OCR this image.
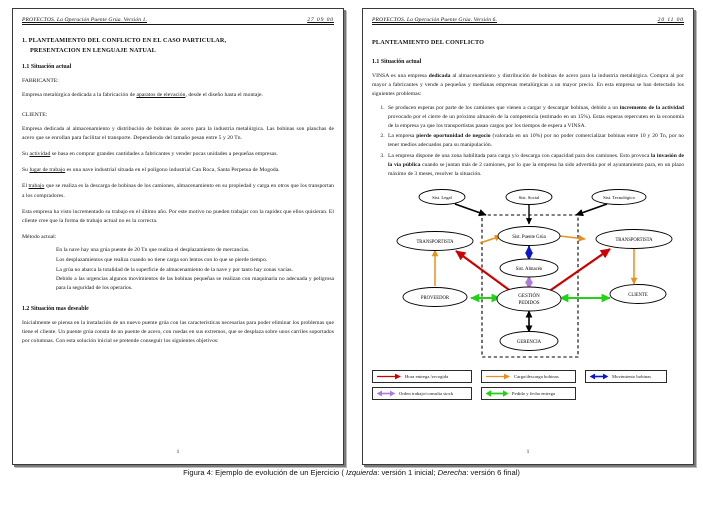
PROYECTOS. La Operación Puente Grúa. Versión 1.	27 09 00
1. PLANTEAMIENTO DEL CONFLICTO EN EL CASO PARTICULAR,
PRESENTACION EN LENGUAJE NATUAL
1.1 Situación actual
FABRICANTE:

Empresa metalúrgica dedicada a la fabricación de aparatos de elevación, desde el diseño hasta el montaje.

CLIENTE:

Empresa dedicada al almacenamiento y distribución de bobinas de acero para la industria metalúrgica. Las bobinas son planchas de acero que se enrollan para facilitar el transporte. Dependiendo del tamaño pesan entre 5 y 20 Tn.

Su actividad se basa en comprar grandes cantidades a fabricantes y vender pocas unidades a pequeñas empresas.

Su lugar de trabajo es una nave industrial situada en el polígono industrial Can Roca, Santa Perpetua de Mogoda.

El trabajo que se realiza es la descarga de bobinas de los camiones, almacenamiento en su propiedad y carga en otros que los transportan a los compradores.

Esta empresa ha visto incrementado su trabajo en el último año. Por este motivo no pueden trabajar con la rapidez que ellos quisieran. El cliente cree que la forma de trabajo actual no es la correcta.

Método actual:
En la nave hay una grúa puente de 20 Tn que realiza el desplazamiento de mercancías.
Los desplazamientos que realiza cuando no tiene carga son lentos con lo que se pierde tiempo.
La grúa no abarca la totalidad de la superficie de almacenamiento de la nave y por tanto hay zonas vacías.
Debido a las urgencias algunos movimientos de las bobinas pequeñas se realizan con maquinaria no adecuada y peligrosa para la seguridad de los operarios.
1.2 Situación mas deseable

Inicialmente se piensa en la instalación de un nuevo puente grúa con las características necesarias para poder eliminar los problemas que tiene el cliente. Un puente grúa consta de un puente de acero, con ruedas en sus extremos, que se desplaza sobre unos carriles soportados por columnas. Con esta solución inicial se pretende conseguir los siguientes objetivos:

1
PROYECTOS. La Operación Puente Grúa. Versión 6.	20 11 00
PLANTEAMIENTO DEL CONFLICTO
1.1 Situación actual

VINSA es una empresa dedicada al almacenamiento y distribución de bobinas de acero para la industria metalúrgica. Compra al por mayor a fabricantes y vende a pequeñas y medianas empresas metalúrgicas a un mayor precio. En esta empresa se han detectado los siguientes problemas:

1. Se producen esperas por parte de los camiones que vienen a cargar y descargar bobinas, debido a un incremento de la actividad provocado por el cierre de un próximo almacén de la competencia (estimado en un 15%). Estas esperas repercuten en la economía de la empresa ya que los transportistas pasan cargos por los tiempos de espera a VINSA.
2. La empresa pierde oportunidad de negocio (valorada en un 10%) por no poder comercializar bobinas entre 10 y 20 Tn, por no tener medios adecuados para su manipulación.
3. La empresa dispone de una zona habilitada para carga y/o descarga con capacidad para dos camiones. Esto provoca la invasión de la vía pública cuando se juntan más de 2 camiones, por lo que la empresa ha sido advertida por el ayuntamiento para, en un plazo máximo de 3 meses, resolver la situación.
Sist. Legal	Sist. Social	Sist. Tecnológico
Sist. Puente Grúa
Sist. Almacén
TRANSPORTISTA	TRANSPORTISTA
PROVEEDOR
CLIENTE
GESTIÓN
PEDIDOS
GERENCIA
Hora entrega /recogida	Carga/descarga bobinas	Movimiento bobinas
Orden trabajo/consulta stock	Pedido y fecha entrega
1
Figura 4: Ejemplo de evolución de un Ejercicio ( Izquierda: versión 1 inicial; Derecha: versión 6 final)
